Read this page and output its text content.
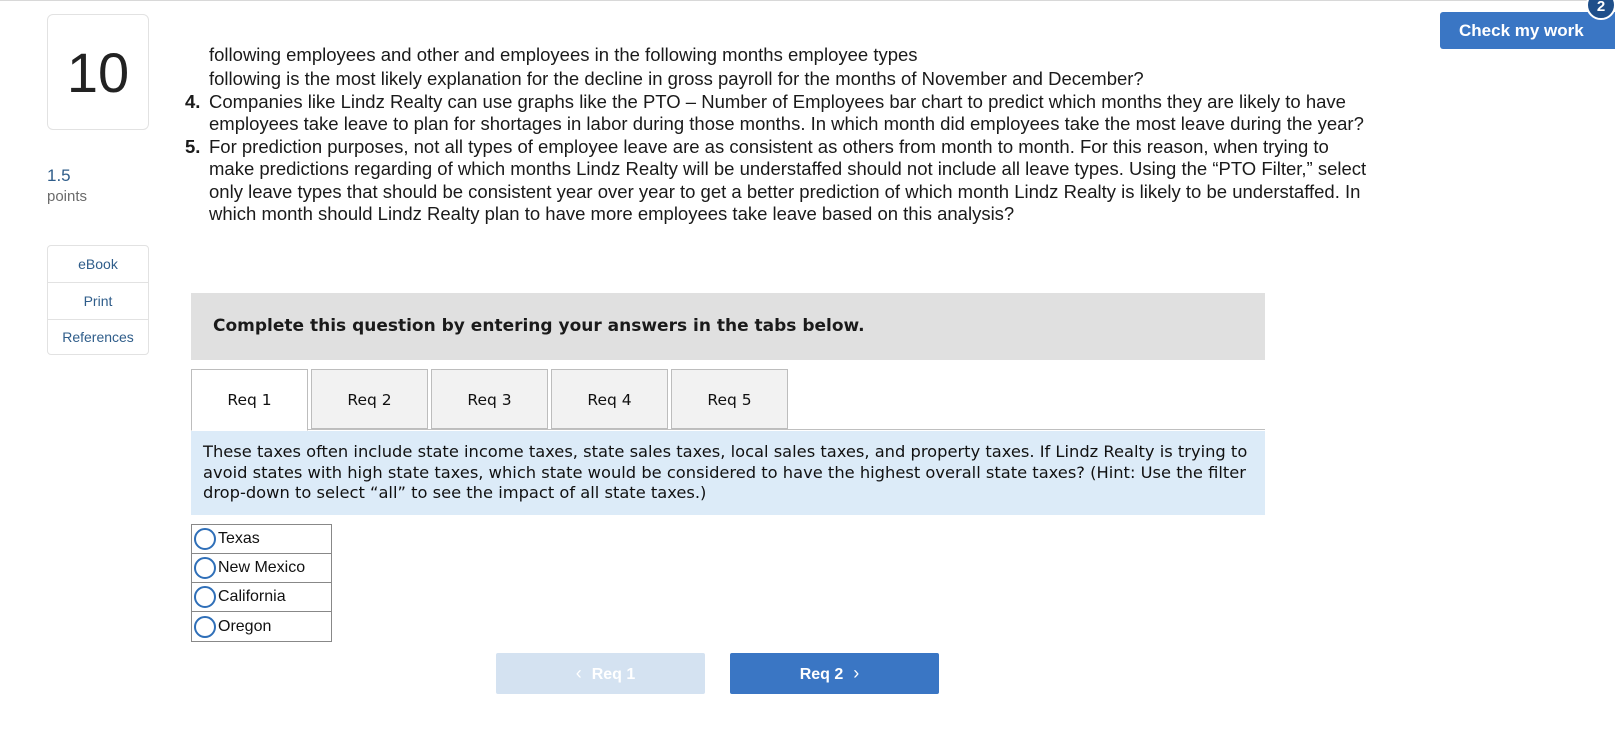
10
1.5
points
eBook
Print
References
Check my work
2
following employees and other and employees in the following months employee types
following is the most likely explanation for the decline in gross payroll for the months of November and December?
4. Companies like Lindz Realty can use graphs like the PTO – Number of Employees bar chart to predict which months they are likely to have employees take leave to plan for shortages in labor during those months. In which month did employees take the most leave during the year?
5. For prediction purposes, not all types of employee leave are as consistent as others from month to month. For this reason, when trying to make predictions regarding of which months Lindz Realty will be understaffed should not include all leave types. Using the “PTO Filter,” select only leave types that should be consistent year over year to get a better prediction of which month Lindz Realty is likely to be understaffed. In which month should Lindz Realty plan to have more employees take leave based on this analysis?
Complete this question by entering your answers in the tabs below.
Req 1	Req 2	Req 3	Req 4	Req 5
These taxes often include state income taxes, state sales taxes, local sales taxes, and property taxes. If Lindz Realty is trying to avoid states with high state taxes, which state would be considered to have the highest overall state taxes? (Hint: Use the filter drop-down to select “all” to see the impact of all state taxes.)
Texas
New Mexico
California
Oregon
‹ Req 1	Req 2 ›
